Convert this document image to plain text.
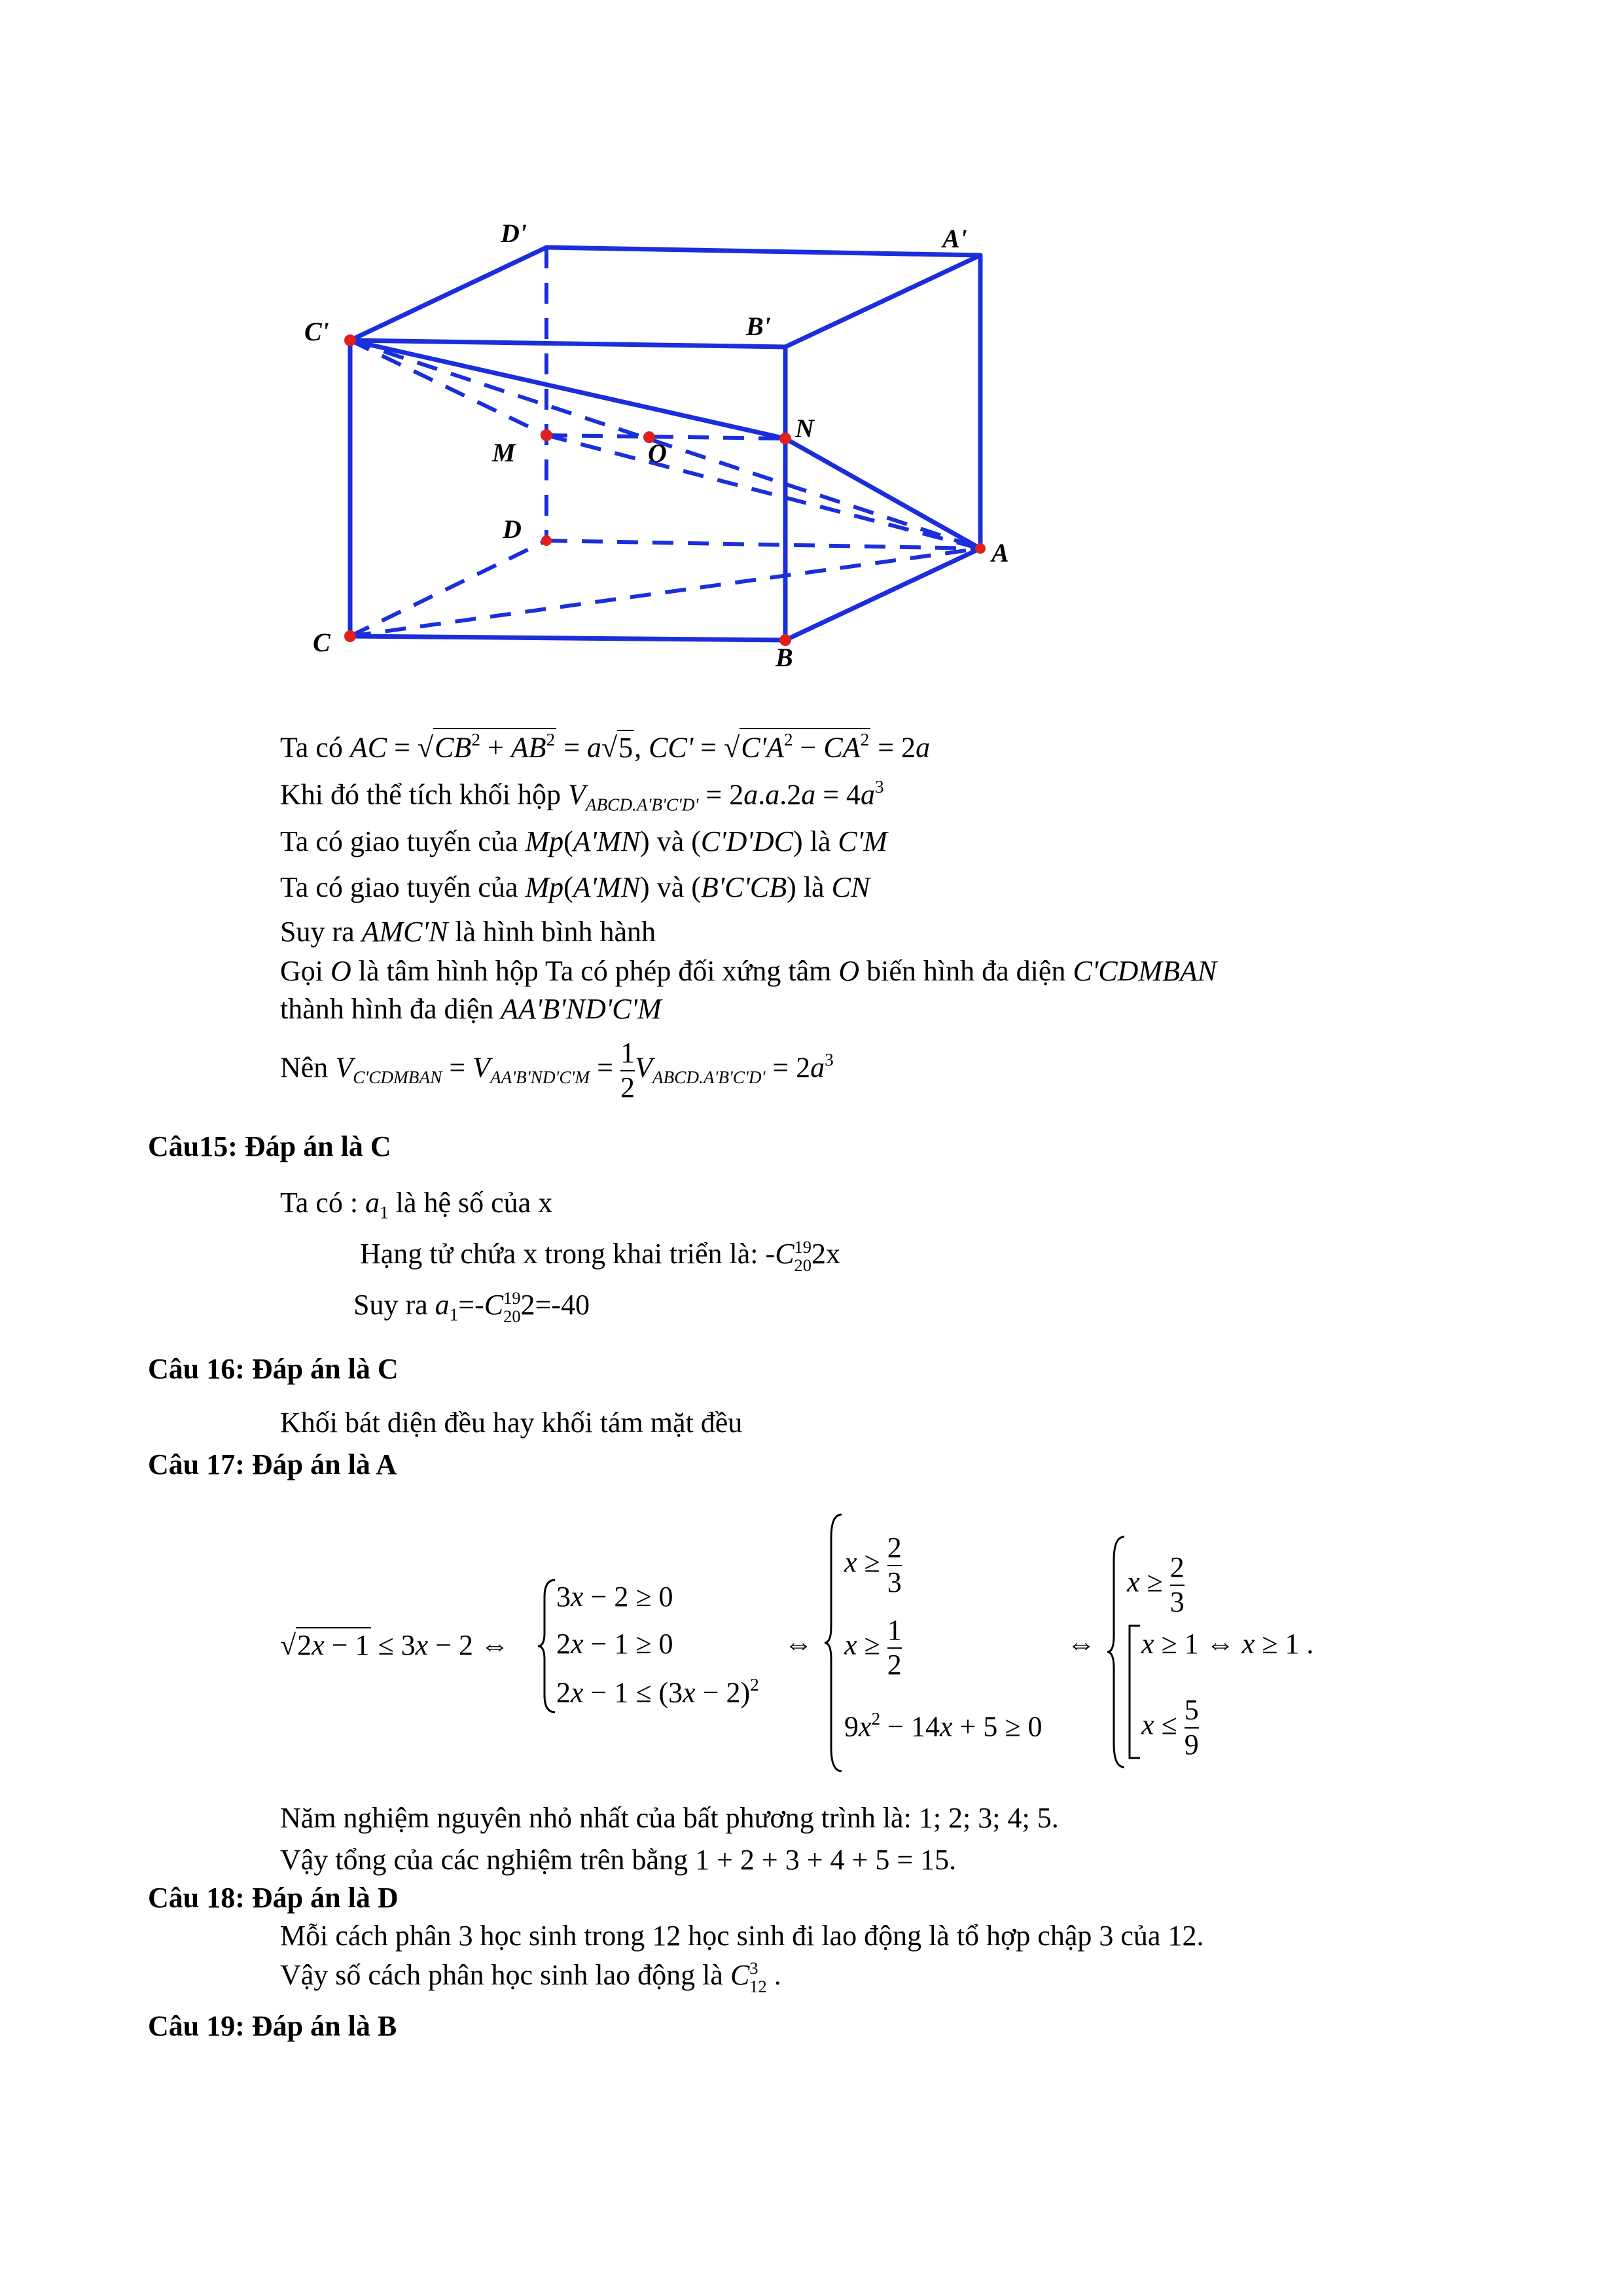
D'	A'
C'	B'
M	O
N
D
A
C
B
Ta có AC = $√CB^2 + AB^2 = a√5$, $CC' = √C'A^2 - CA^2 = 2a$
Khi đó thể tích khối hộp $V_{ABCD.A'B'C'D'} = 2a.a.2a = 4a^3$
Ta có giao tuyến của Mp(A'MN) và (C'D'DC) là C'M
Ta có giao tuyến của Mp(A'MN) và (B'C'CB) là CN
Suy ra AMC'N là hình bình hành
Gọi O là tâm hình hộp Ta có phép đối xứng tâm O biến hình đa diện C'CDMBAN
thành hình đa diện AA'B'ND'C'M
Nên $V_{C'CDMBAN} = V_{AA'B'ND'C'M} = \frac{1}{2} V_{ABCD.A'B'C'D'} = 2a^3$
Câu15: Đáp án là C
Ta có : $a_1$ là hệ số của x
Hạng tử chứa x trong khai triển là: -C 19
20 2x
Suy ra $a_1=-C$ 19
20 2=-40
Câu 16: Đáp án là C
Khối bát diện đều hay khối tám mặt đều
Câu 17: Đáp án là A
√2x − 1 ≤ 3x − 2 ⇔
3x − 2 ≥ 0
2x − 1 ≥ 0
$2x - 1 \le (3x - 2)^2$
⇔
$x \ge \frac{2}{3}$
$x \ge \frac{1}{2}$
$9x^2 - 14x + 5 \ge 0$
⇔
$x \ge \frac{2}{3}$
x ≥ 1 ⇔ x ≥ 1 .
$x \le \frac{5}{9}$
Năm nghiệm nguyên nhỏ nhất của bất phương trình là: 1; 2; 3; 4; 5.
Vậy tổng của các nghiệm trên bằng 1 + 2 + 3 + 4 + 5 = 15.
Câu 18: Đáp án là D
Mỗi cách phân 3 học sinh trong 12 học sinh đi lao động là tổ hợp chập 3 của 12.
Vậy số cách phân học sinh lao động là C 3
12 .
Câu 19: Đáp án là B
